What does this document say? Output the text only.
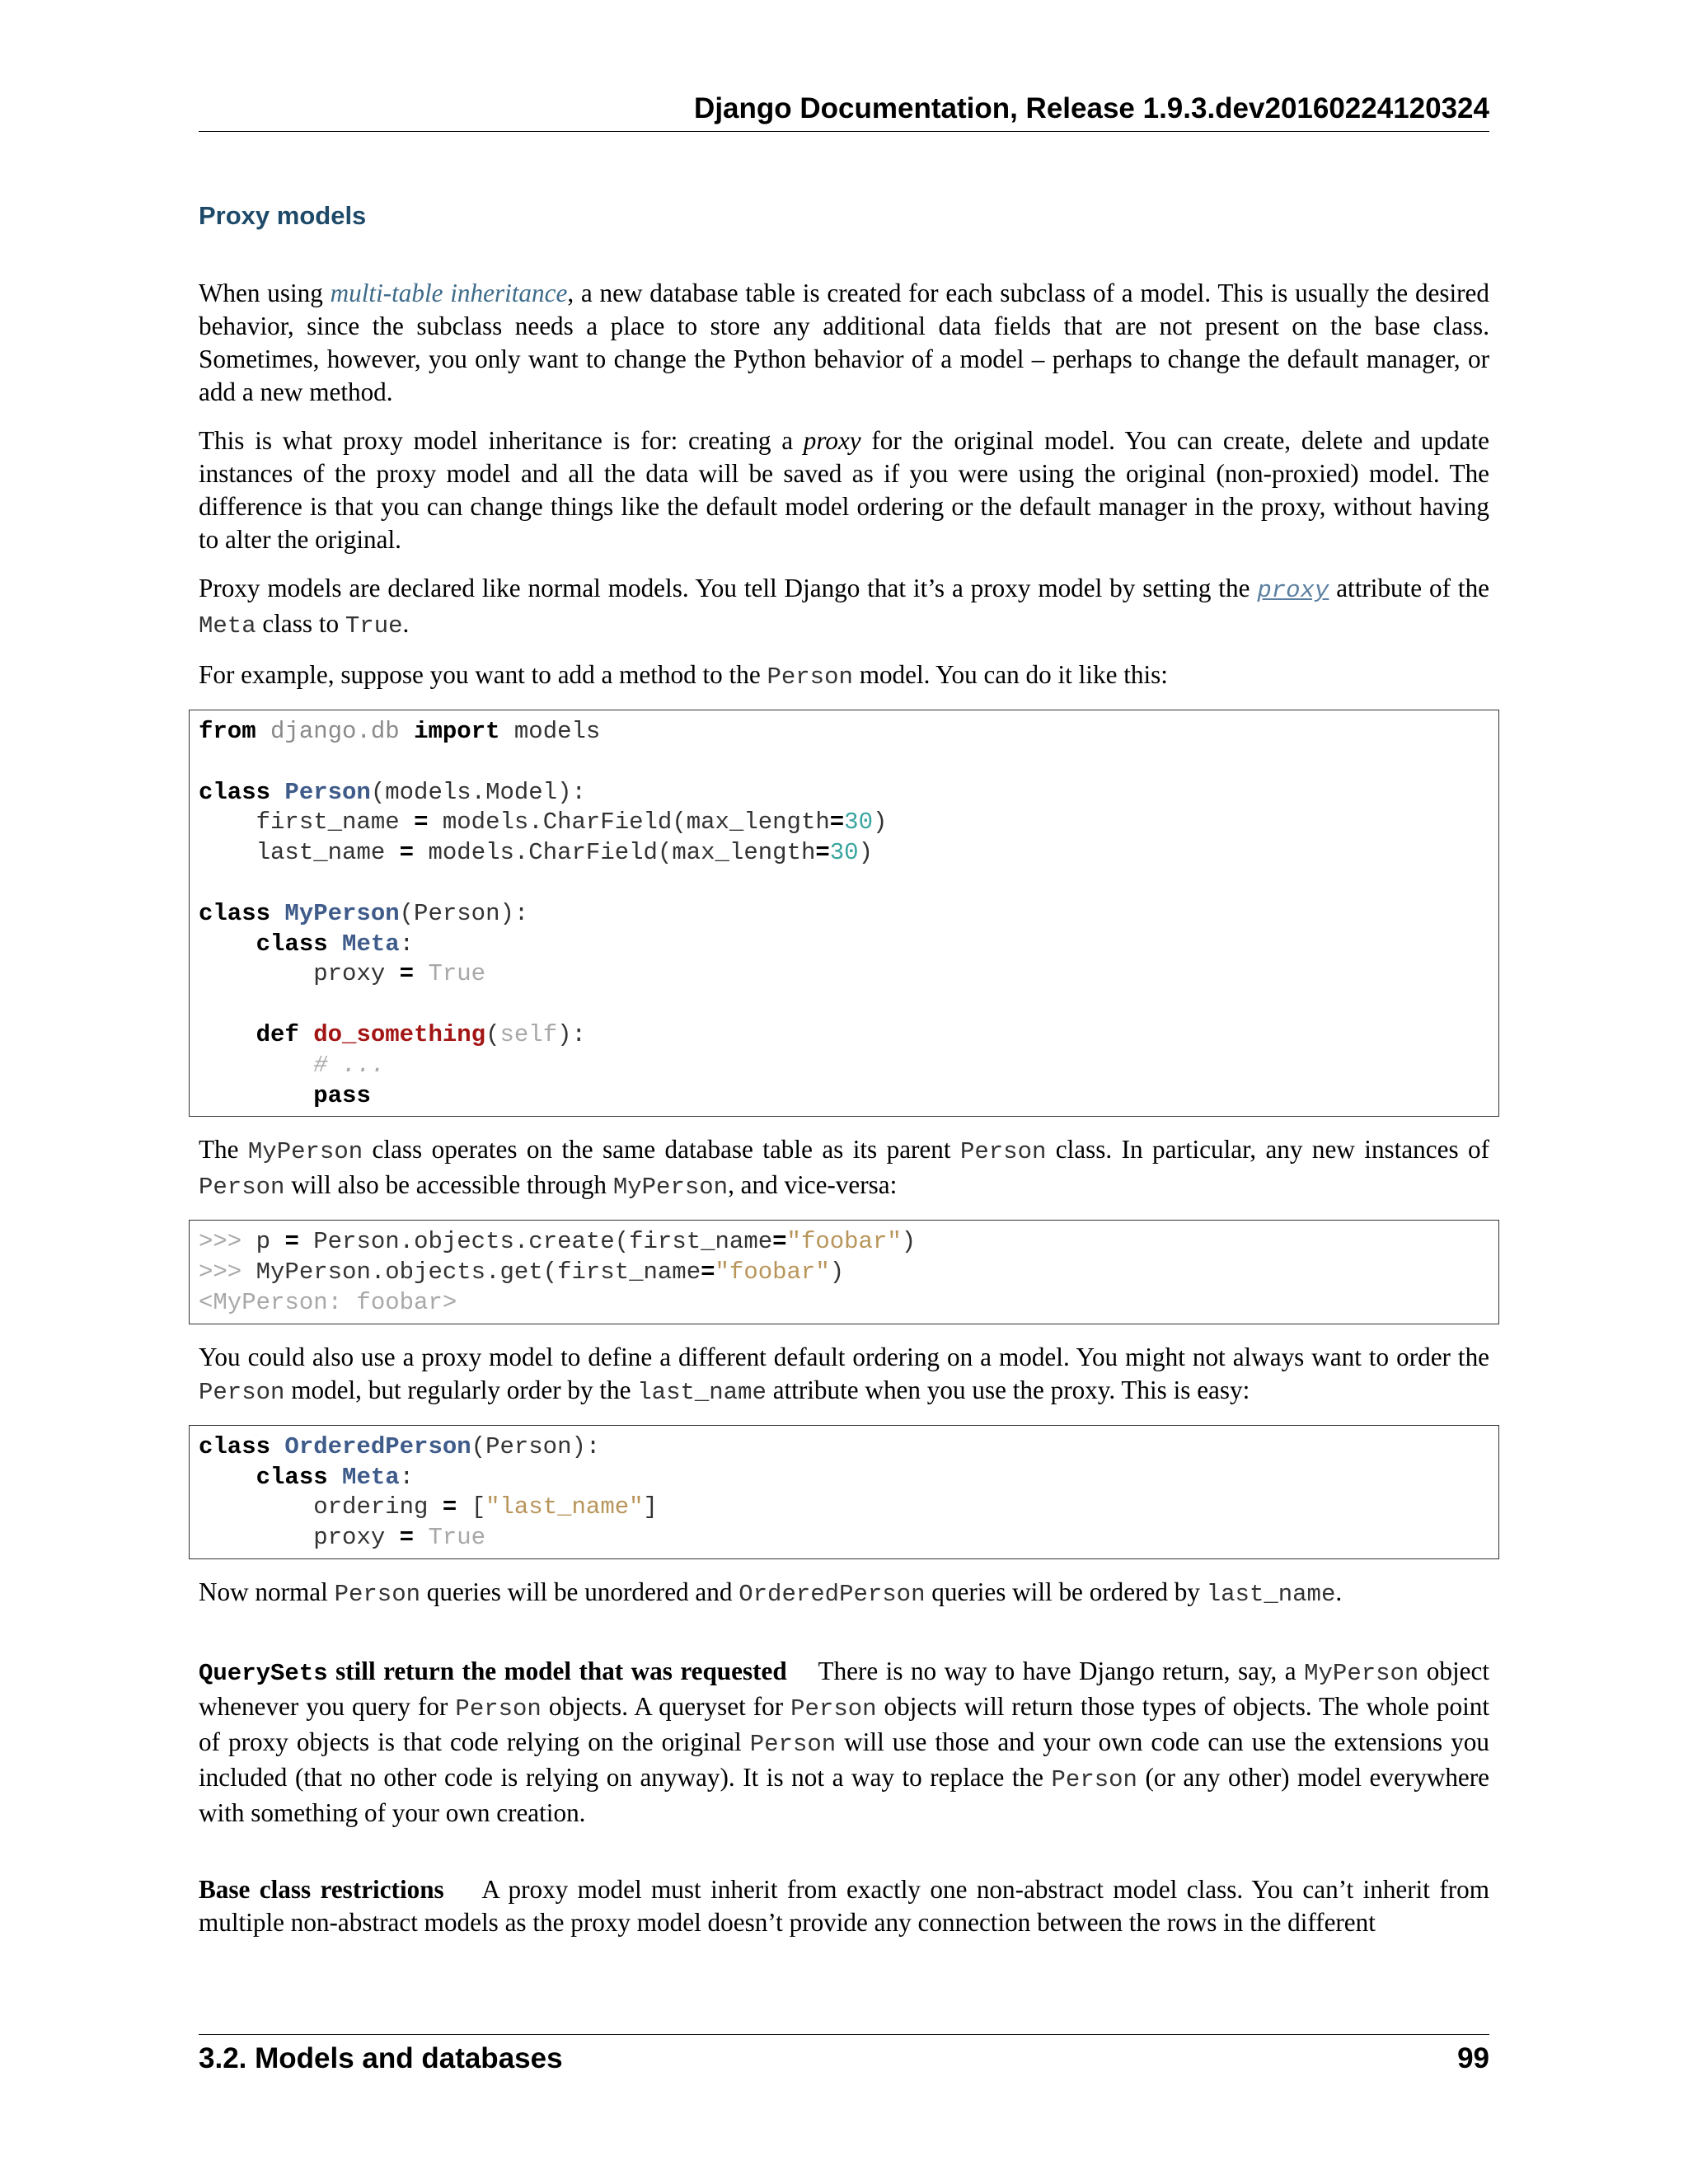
Django Documentation, Release 1.9.3.dev20160224120324
Proxy models

When using multi-table inheritance, a new database table is created for each subclass of a model. This is usually the desired behavior, since the subclass needs a place to store any additional data fields that are not present on the base class. Sometimes, however, you only want to change the Python behavior of a model – perhaps to change the default manager, or add a new method.

This is what proxy model inheritance is for: creating a proxy for the original model. You can create, delete and update instances of the proxy model and all the data will be saved as if you were using the original (non-proxied) model. The difference is that you can change things like the default model ordering or the default manager in the proxy, without having to alter the original.

Proxy models are declared like normal models. You tell Django that it’s a proxy model by setting the proxy attribute of the Meta class to True.

For example, suppose you want to add a method to the Person model. You can do it like this:

from django.db import models

class Person(models.Model):
first_name = models.CharField(max_length=30)
last_name = models.CharField(max_length=30)

class MyPerson(Person):
class Meta:
proxy = True

def do_something(self):
# ...
pass

The MyPerson class operates on the same database table as its parent Person class. In particular, any new instances of Person will also be accessible through MyPerson, and vice-versa:

>>> p = Person.objects.create(first_name="foobar")
>>> MyPerson.objects.get(first_name="foobar")
<MyPerson: foobar>

You could also use a proxy model to define a different default ordering on a model. You might not always want to order the Person model, but regularly order by the last_name attribute when you use the proxy. This is easy:

class OrderedPerson(Person):
class Meta:
ordering = ["last_name"]
proxy = True

Now normal Person queries will be unordered and OrderedPerson queries will be ordered by last_name.

QuerySets still return the model that was requested There is no way to have Django return, say, a MyPerson object whenever you query for Person objects. A queryset for Person objects will return those types of objects. The whole point of proxy objects is that code relying on the original Person will use those and your own code can use the extensions you included (that no other code is relying on anyway). It is not a way to replace the Person (or any other) model everywhere with something of your own creation.

Base class restrictions A proxy model must inherit from exactly one non-abstract model class. You can’t inherit from multiple non-abstract models as the proxy model doesn’t provide any connection between the rows in the different

3.2. Models and databases	99
